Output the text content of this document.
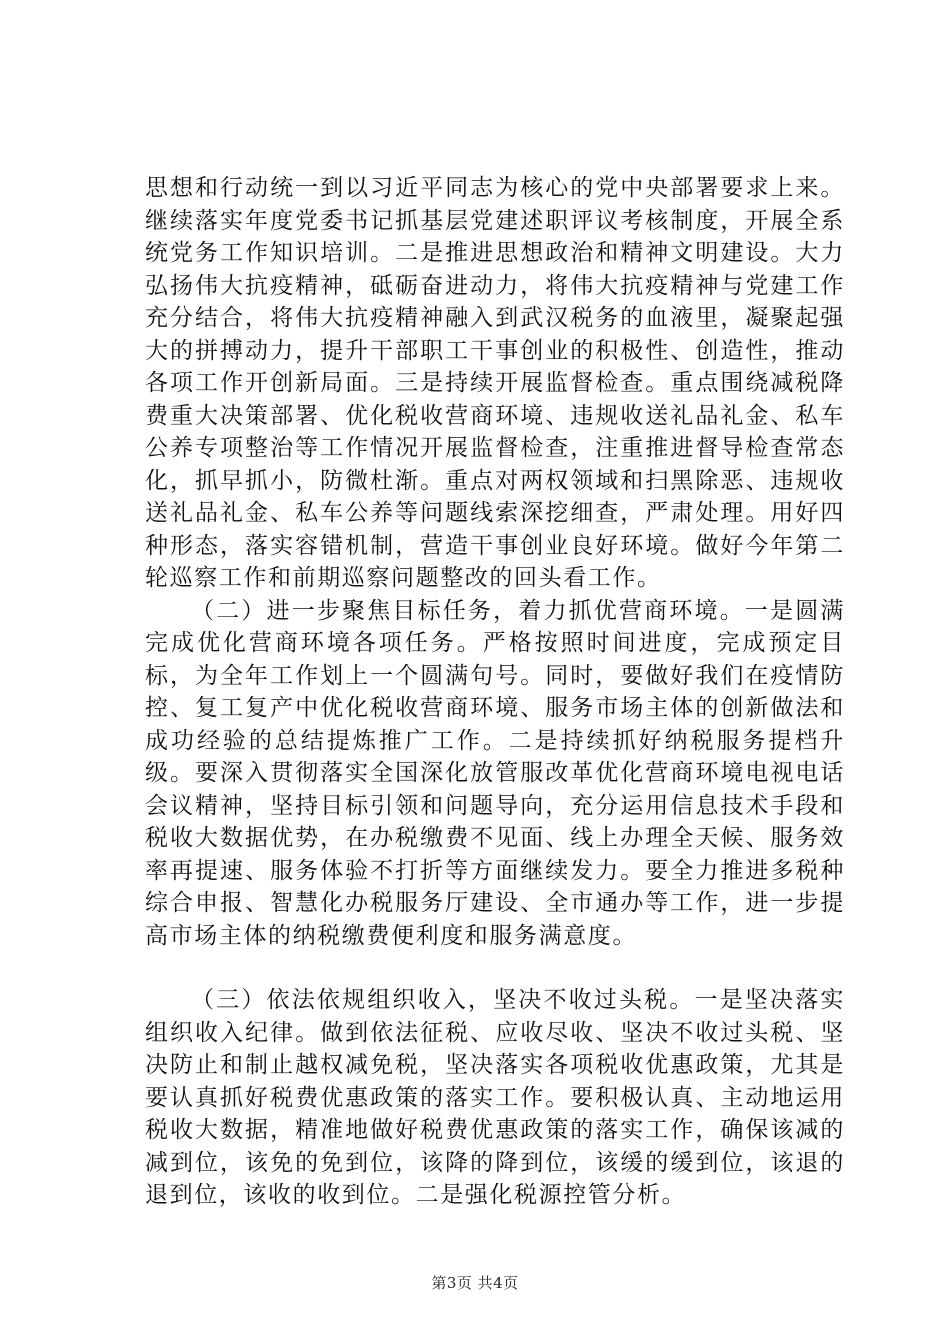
思想和行动统一到以习近平同志为核心的党中央部署要求上来。继续落实年度党委书记抓基层党建述职评议考核制度，开展全系统党务工作知识培训。二是推进思想政治和精神文明建设。大力弘扬伟大抗疫精神，砥砺奋进动力，将伟大抗疫精神与党建工作充分结合，将伟大抗疫精神融入到武汉税务的血液里，凝聚起强大的拼搏动力，提升干部职工干事创业的积极性、创造性，推动各项工作开创新局面。三是持续开展监督检查。重点围绕减税降费重大决策部署、优化税收营商环境、违规收送礼品礼金、私车公养专项整治等工作情况开展监督检查，注重推进督导检查常态化，抓早抓小，防微杜渐。重点对两权领域和扫黑除恶、违规收送礼品礼金、私车公养等问题线索深挖细查，严肃处理。用好四种形态，落实容错机制，营造干事创业良好环境。做好今年第二轮巡察工作和前期巡察问题整改的回头看工作。

（二）进一步聚焦目标任务，着力抓优营商环境。一是圆满完成优化营商环境各项任务。严格按照时间进度，完成预定目标，为全年工作划上一个圆满句号。同时，要做好我们在疫情防控、复工复产中优化税收营商环境、服务市场主体的创新做法和成功经验的总结提炼推广工作。二是持续抓好纳税服务提档升级。要深入贯彻落实全国深化放管服改革优化营商环境电视电话会议精神，坚持目标引领和问题导向，充分运用信息技术手段和税收大数据优势，在办税缴费不见面、线上办理全天候、服务效率再提速、服务体验不打折等方面继续发力。要全力推进多税种综合申报、智慧化办税服务厅建设、全市通办等工作，进一步提高市场主体的纳税缴费便利度和服务满意度。

（三）依法依规组织收入，坚决不收过头税。一是坚决落实组织收入纪律。做到依法征税、应收尽收、坚决不收过头税、坚决防止和制止越权减免税，坚决落实各项税收优惠政策，尤其是要认真抓好税费优惠政策的落实工作。要积极认真、主动地运用税收大数据，精准地做好税费优惠政策的落实工作，确保该减的减到位，该免的免到位，该降的降到位，该缓的缓到位，该退的退到位，该收的收到位。二是强化税源控管分析。

第3页 共4页
